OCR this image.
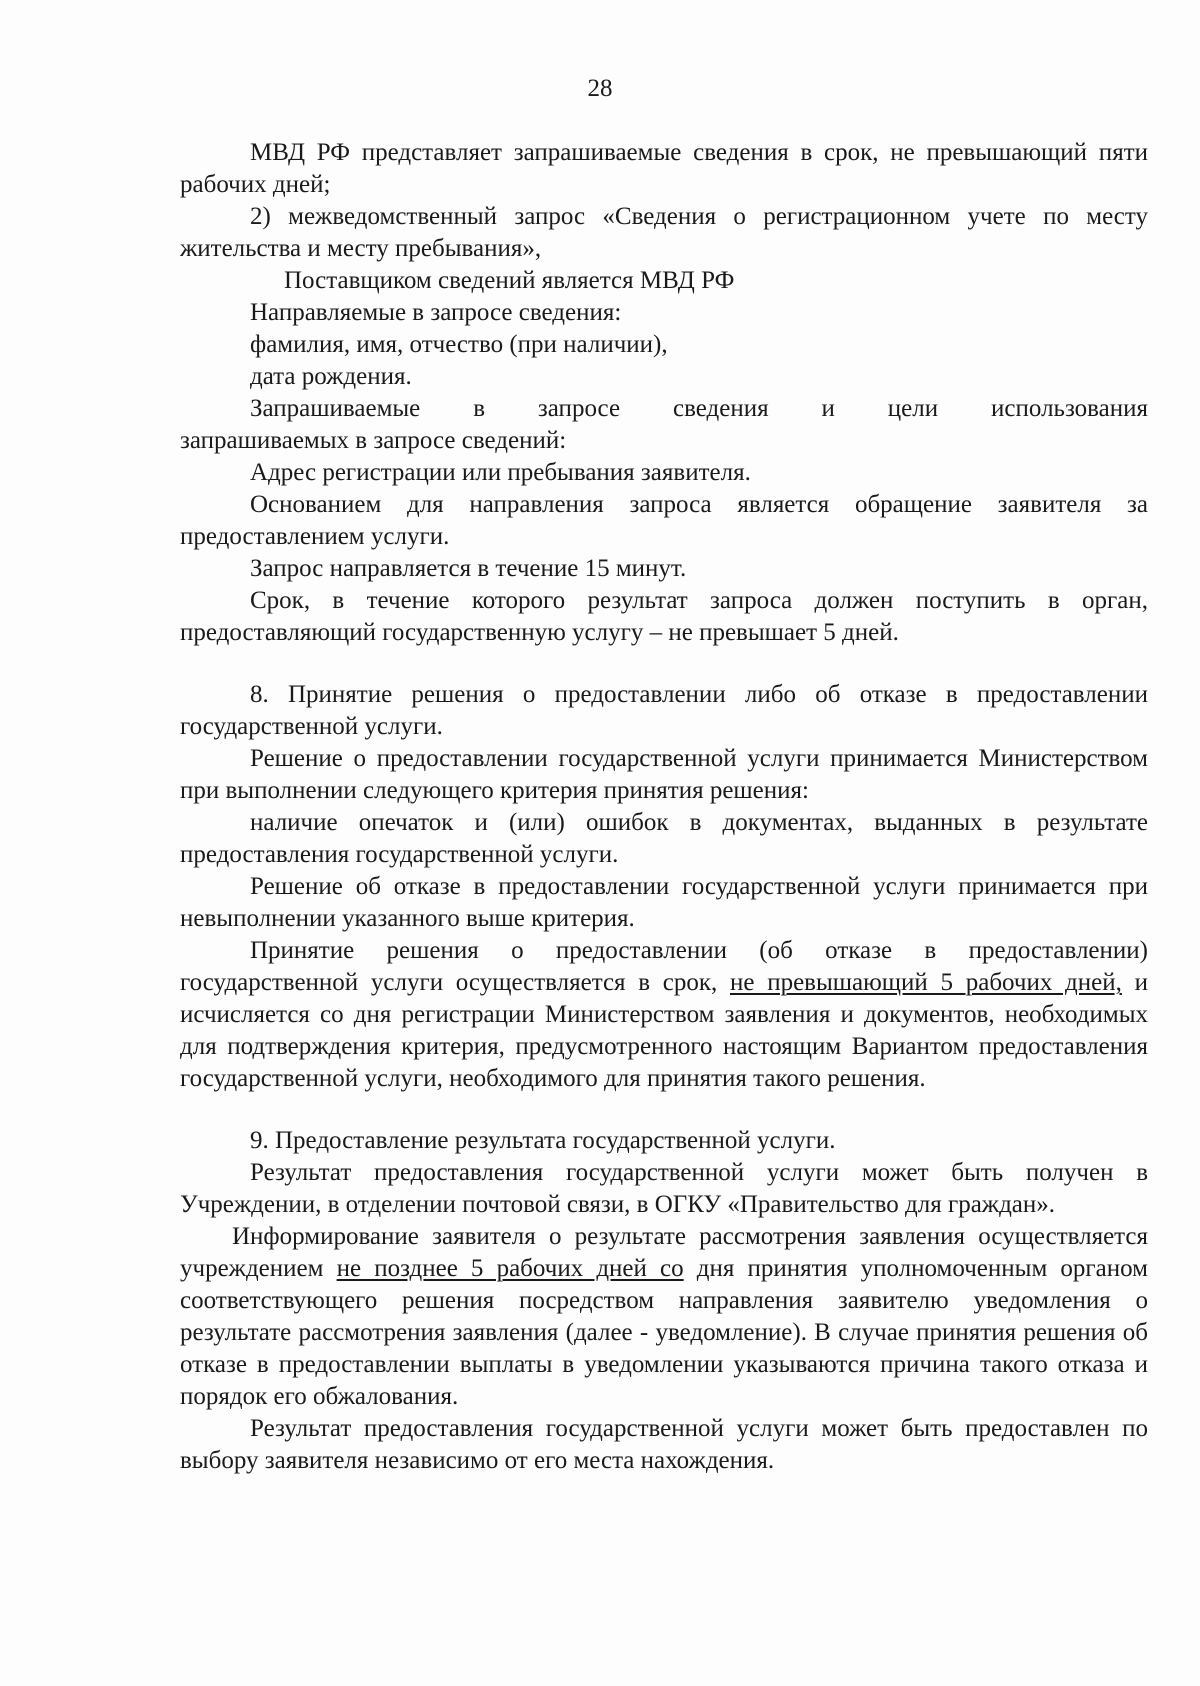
28

МВД РФ представляет запрашиваемые сведения в срок, не превышающий пяти рабочих дней;

2) межведомственный запрос «Сведения о регистрационном учете по месту жительства и месту пребывания»,

Поставщиком сведений является МВД РФ

Направляемые в запросе сведения:

фамилия, имя, отчество (при наличии),

дата рождения.

Запрашиваемые в запросе сведения и цели использования

запрашиваемых в запросе сведений:

Адрес регистрации или пребывания заявителя.

Основанием для направления запроса является обращение заявителя за предоставлением услуги.

Запрос направляется в течение 15 минут.

Срок, в течение которого результат запроса должен поступить в орган, предоставляющий государственную услугу – не превышает 5 дней.

8. Принятие решения о предоставлении либо об отказе в предоставлении государственной услуги.

Решение о предоставлении государственной услуги принимается Министерством при выполнении следующего критерия принятия решения:

наличие опечаток и (или) ошибок в документах, выданных в результате предоставления государственной услуги.

Решение об отказе в предоставлении государственной услуги принимается при невыполнении указанного выше критерия.

Принятие решения о предоставлении (об отказе в предоставлении) государственной услуги осуществляется в срок, не превышающий 5 рабочих дней, и исчисляется со дня регистрации Министерством заявления и документов, необходимых для подтверждения критерия, предусмотренного настоящим Вариантом предоставления государственной услуги, необходимого для принятия такого решения.

9. Предоставление результата государственной услуги.

Результат предоставления государственной услуги может быть получен в Учреждении, в отделении почтовой связи, в ОГКУ «Правительство для граждан».

Информирование заявителя о результате рассмотрения заявления осуществляется учреждением не позднее 5 рабочих дней со дня принятия уполномоченным органом соответствующего решения посредством направления заявителю уведомления о результате рассмотрения заявления (далее - уведомление). В случае принятия решения об отказе в предоставлении выплаты в уведомлении указываются причина такого отказа и порядок его обжалования.

Результат предоставления государственной услуги может быть предоставлен по выбору заявителя независимо от его места нахождения.
